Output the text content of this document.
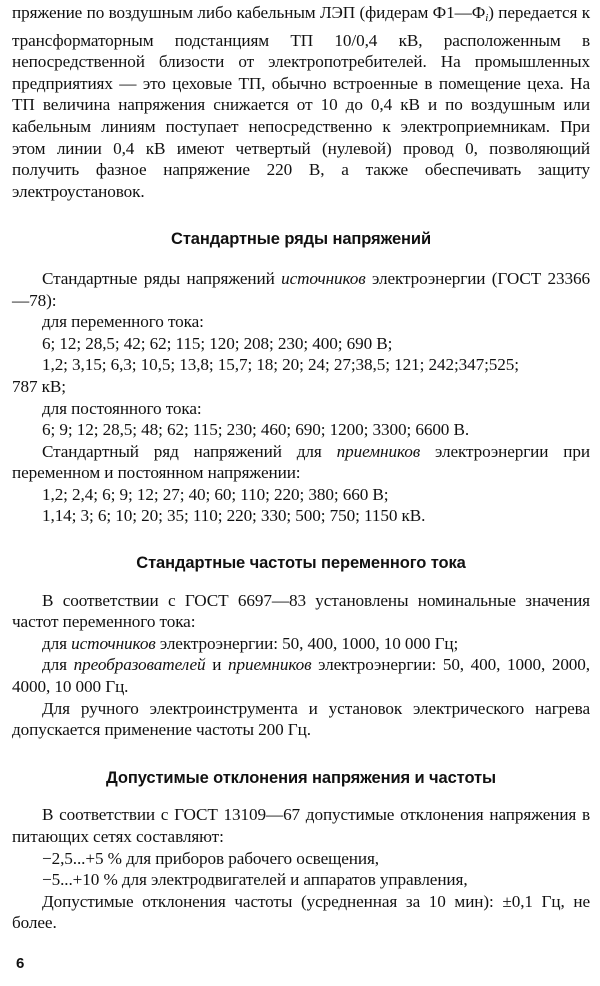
пряжение по воздушным либо кабельным ЛЭП (фидерам $Ф1—Ф_i$) передается к трансформаторным подстанциям ТП 10/0,4 кВ, расположенным в непосредственной близости от электропотребителей. На промышленных предприятиях — это цеховые ТП, обычно встроенные в помещение цеха. На ТП величина напряжения снижается от 10 до 0,4 кВ и по воздушным или кабельным линиям поступает непосредственно к электроприемникам. При этом линии 0,4 кВ имеют четвертый (нулевой) провод 0, позволяющий получить фазное напряжение 220 В, а также обеспечивать защиту электроустановок.

Стандартные ряды напряжений

Стандартные ряды напряжений источников электроэнергии (ГОСТ 23366—78):

для переменного тока:

6; 12; 28,5; 42; 62; 115; 120; 208; 230; 400; 690 В;

1,2; 3,15; 6,3; 10,5; 13,8; 15,7; 18; 20; 24; 27;38,5; 121; 242;347;525;

787 кВ;

для постоянного тока:

6; 9; 12; 28,5; 48; 62; 115; 230; 460; 690; 1200; 3300; 6600 В.

Стандартный ряд напряжений для приемников электроэнергии при переменном и постоянном напряжении:

1,2; 2,4; 6; 9; 12; 27; 40; 60; 110; 220; 380; 660 В;

1,14; 3; 6; 10; 20; 35; 110; 220; 330; 500; 750; 1150 кВ.

Стандартные частоты переменного тока

В соответствии с ГОСТ 6697—83 установлены номинальные значения частот переменного тока:

для источников электроэнергии: 50, 400, 1000, 10 000 Гц;

для преобразователей и приемников электроэнергии: 50, 400, 1000, 2000, 4000, 10 000 Гц.

Для ручного электроинструмента и установок электрического нагрева допускается применение частоты 200 Гц.

Допустимые отклонения напряжения и частоты

В соответствии с ГОСТ 13109—67 допустимые отклонения напряжения в питающих сетях составляют:

−2,5...+5 % для приборов рабочего освещения,

−5...+10 % для электродвигателей и аппаратов управления,

Допустимые отклонения частоты (усредненная за 10 мин): ±0,1 Гц, не более.

6
